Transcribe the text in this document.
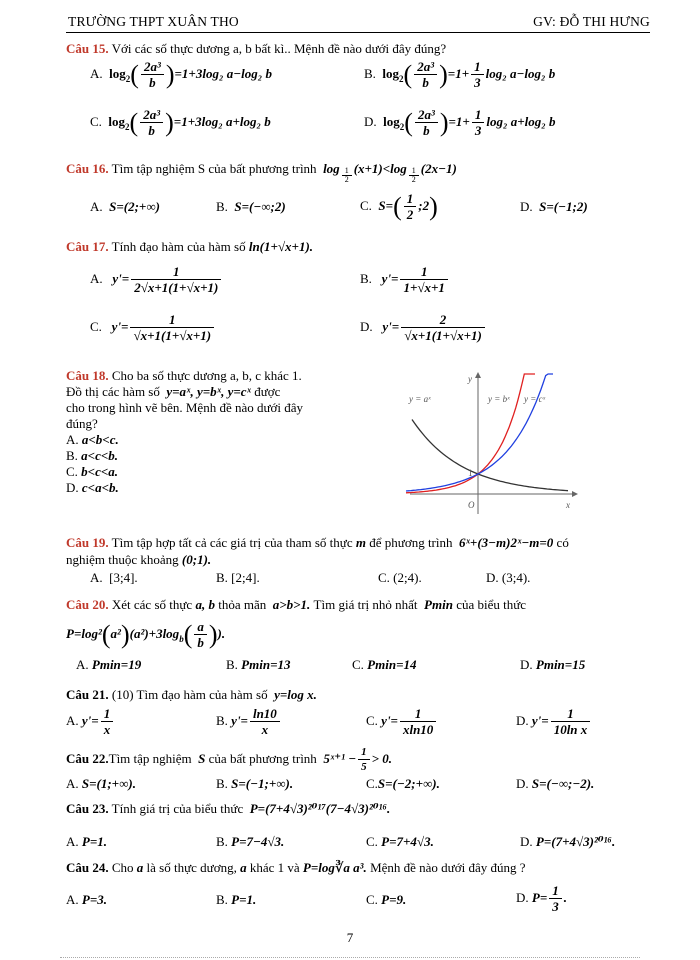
TRƯỜNG THPT XUÂN THO	GV: ĐỖ THI HƯNG
Câu 15. Với các số thực dương a, b bất kì.. Mệnh đề nào dưới đây đúng?
A. $\log_2( \frac{\text{2a³}}{b} )=1+3\log_2$ a−log₂ b	B. $\log_2( \frac{\text{2a³}}{b} )=1+ \frac{1}{3} \log_2$ a−log₂ b
C. $\log_2( \frac{\text{2a³}}{b} )=1+3\log_2$ a+log₂ b	D. $\log_2( \frac{\text{2a³}}{b} )=1+ \frac{1}{3} \log_2$ a+log₂ b
Câu 16. Tìm tập nghiệm S của bất phương trình $\log \frac{1}{2} (x+1)<\log \frac{1}{2} (2x-1)$
A. S=(2;+∞)	B. S=(−∞;2)	C. $S=( \frac{1}{2}$ ;2)	D. S=(−1;2)
Câu 17. Tính đạo hàm của hàm số ln(1+√x+1).
A. $y'= \frac{1}{2√x+1(1+√x+1)}$	B. $y'= \frac{1}{1+√x+1}$
C. $y'= \frac{1}{√x+1(1+√x+1)}$	D. $y'= \frac{2}{√x+1(1+√x+1)}$
Câu 18. Cho ba số thực dương a, b, c khác 1.
Đồ thị các hàm số y=aˣ, y=bˣ, y=cˣ được
cho trong hình vẽ bên. Mệnh đề nào dưới đây
đúng?
A. a<b<c.
B. a<c<b.
C. b<c<a.
D. c<a<b.
y = aˣ	y = bˣ y = cˣ
y
x
O
1
Câu 19. Tìm tập hợp tất cả các giá trị của tham số thực m để phương trình 6ˣ+(3−m)2ˣ−m=0 có
nghiệm thuộc khoảng (0;1).
A. [3;4].	B. [2;4].	C. (2;4).	D. (3;4).
Câu 20. Xét các số thực a, b thỏa mãn a>b>1. Tìm giá trị nhỏ nhất Pmin của biểu thức
$P=\log^2(a^2)(a^2)+3\log_b( \frac{a}{b}$ )).
A. Pmin=19	B. Pmin=13	C. Pmin=14	D. Pmin=15
Câu 21. (10) Tìm đạo hàm của hàm số y=log x.
A. $y'= \frac{1}{x}$	B. $y'= \frac{\ln 10}{x}$	C. $y'= \frac{1}{xln10}$	D. $y'= \frac{1}{\text{10ln x}}$
Câu 22.Tìm tập nghiệm S của bất phương trình 5ˣ⁺¹ − $\frac{1}{5} > 0$.
A. S=(1;+∞).	B. S=(−1;+∞).	C.S=(−2;+∞).	D. S=(−∞;−2).
Câu 23. Tính giá trị của biểu thức P=(7+4√3)²⁰¹⁷(7−4√3)²⁰¹⁶.
A. P=1.	B. P=7−4√3.	C. P=7+4√3.	D. P=(7+4√3)²⁰¹⁶.
Câu 24. Cho a là số thực dương, a khác 1 và P=log∛a a³. Mệnh đề nào dưới đây đúng ?
A. P=3.	B. P=1.	C. P=9.	D. $P= \frac{1}{3}$ .
7
